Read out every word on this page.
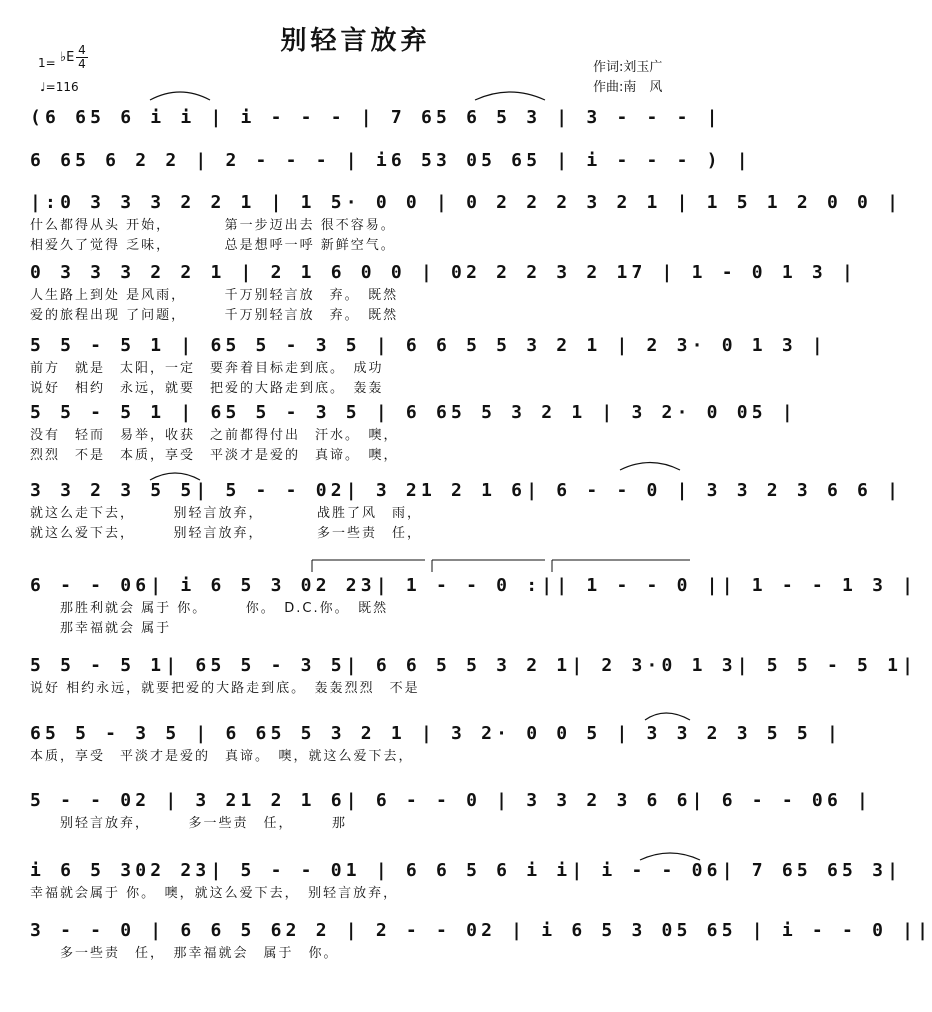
别轻言放弃
作词:刘玉广
作曲:南　风
1= ♭E 4
4
♩=116
(6 65 6 i i | i - - - | 7 65 6 5 3 | 3 - - - |
6 65 6 2 2 | 2 - - - | i6 53 05 65 | i - - - ) |
|:0 3 3 3 2 2 1 | 1 5· 0 0 | 0 2 2 2 3 2 1 | 1 5 1 2 0 0 |
什么都得从头 开始，　　　　第一步迈出去 很不容易。
相爱久了觉得 乏味，　　　　总是想呼一呼 新鲜空气。
0 3 3 3 2 2 1 | 2 1 6 0 0 | 02 2 2 3 2 17 | 1 - 0 1 3 |
人生路上到处 是风雨，　　　千万别轻言放　弃。　既然
爱的旅程出现 了问题，　　　千万别轻言放　弃。　既然
5 5 - 5 1 | 65 5 - 3 5 | 6 6 5 5 3 2 1 | 2 3· 0 1 3 |
前方　就是　太阳，一定　要奔着目标走到底。　成功
说好　相约　永远，就要　把爱的大路走到底。　轰轰
5 5 - 5 1 | 65 5 - 3 5 | 6 65 5 3 2 1 | 3 2· 0 05 |
没有　轻而　易举，收获　之前都得付出　汗水。　噢，
烈烈　不是　本质，享受　平淡才是爱的　真谛。　噢，
3 3 2 3 5 5| 5 - - 02| 3 21 2 1 6| 6 - - 0 | 3 3 2 3 6 6 |
就这么走下去，　　　别轻言放弃，　　　　战胜了风　雨，
就这么爱下去，　　　别轻言放弃，　　　　多一些责　任，
6 - - 06| i 6 5 3 02 23| 1 - - 0 :|| 1 - - 0 || 1 - - 1 3 |
　　那胜利就会 属于 你。　　　你。　D.C.你。　既然
　　那幸福就会 属于
5 5 - 5 1| 65 5 - 3 5| 6 6 5 5 3 2 1| 2 3·0 1 3| 5 5 - 5 1|
说好 相约永远，就要把爱的大路走到底。　轰轰烈烈　不是
65 5 - 3 5 | 6 65 5 3 2 1 | 3 2· 0 0 5 | 3 3 2 3 5 5 |
本质，享受　平淡才是爱的　真谛。　噢，就这么爱下去，
5 - - 02 | 3 21 2 1 6| 6 - - 0 | 3 3 2 3 6 6| 6 - - 06 |
　　别轻言放弃，　　　多一些责　任，　　　那
i 6 5 302 23| 5 - - 01 | 6 6 5 6 i i| i - - 06| 7 65 65 3|
幸福就会属于 你。　噢，就这么爱下去，　别轻言放弃，
3 - - 0 | 6 6 5 62 2 | 2 - - 02 | i 6 5 3 05 65 | i - - 0 ||
　　多一些责　任，　那幸福就会　属于　你。
